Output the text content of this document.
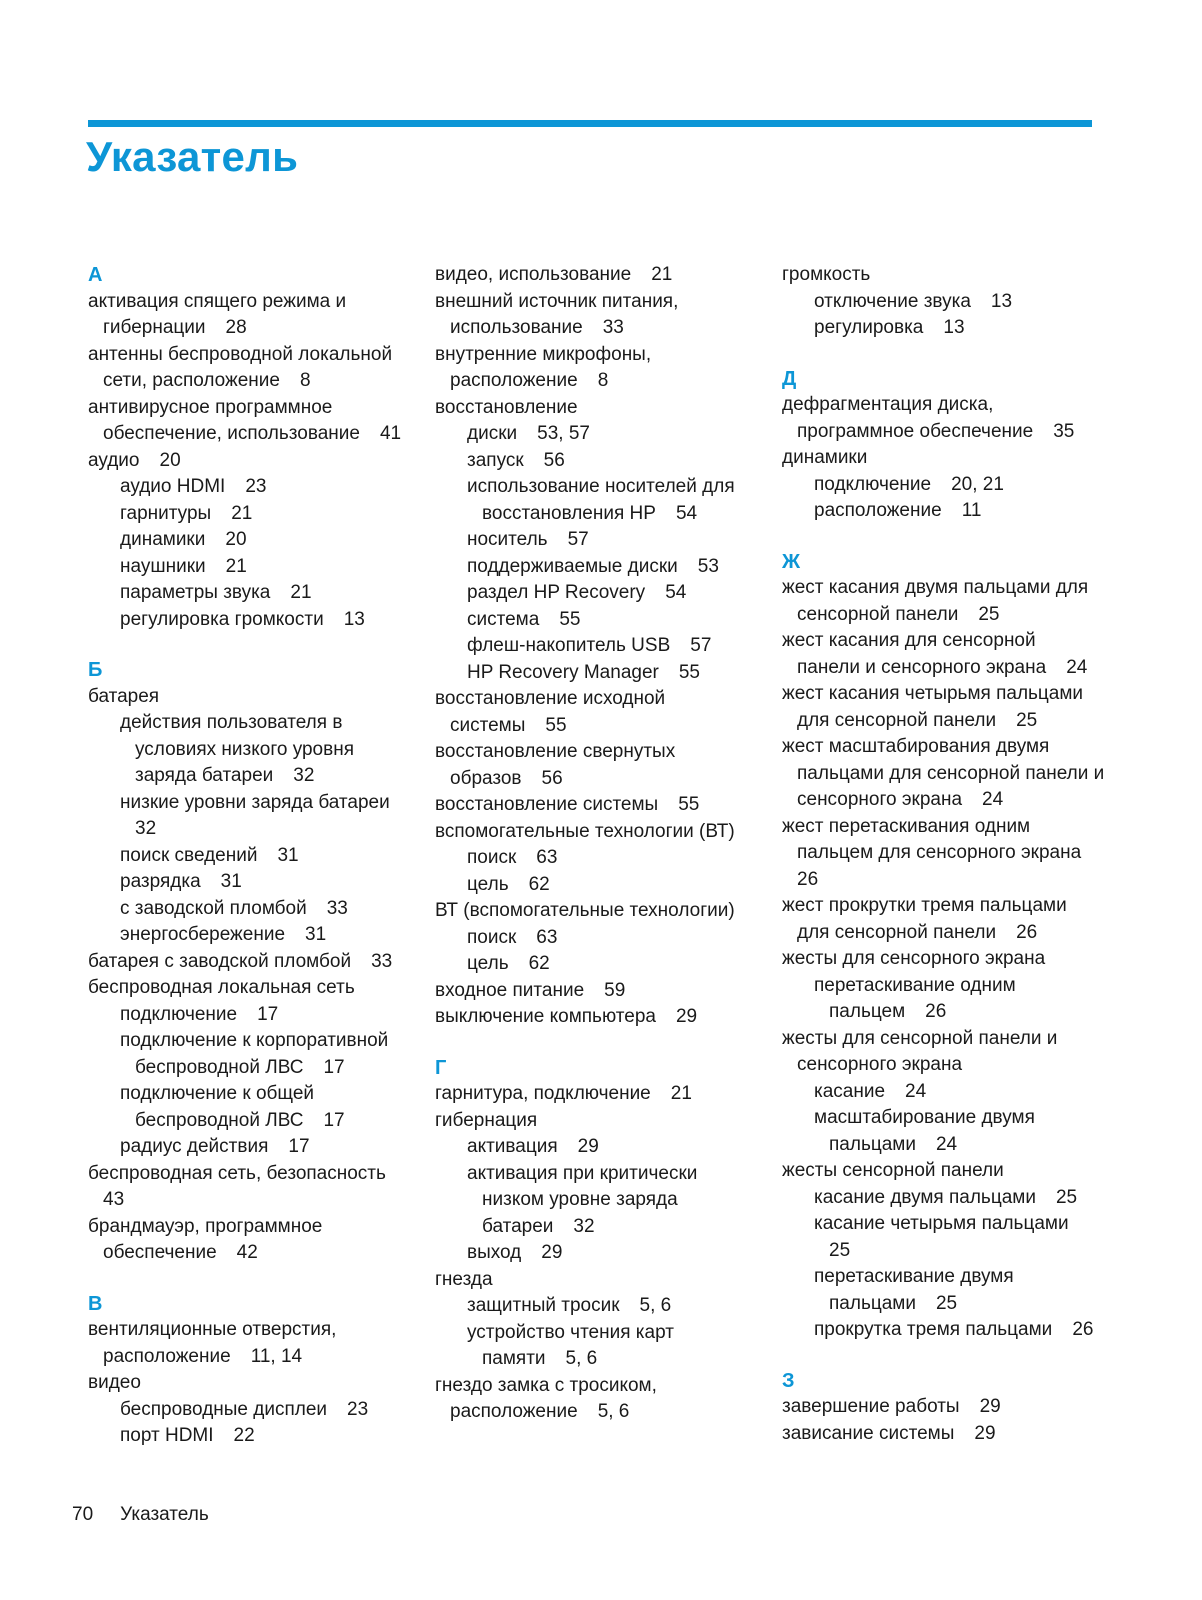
Указатель
А
активация спящего режима и
гибернации 28
антенны беспроводной локальной
сети, расположение 8
антивирусное программное
обеспечение, использование 41
аудио 20
аудио HDMI 23
гарнитуры 21
динамики 20
наушники 21
параметры звука 21
регулировка громкости 13
Б
батарея
действия пользователя в
условиях низкого уровня
заряда батареи 32
низкие уровни заряда батареи
32
поиск сведений 31
разрядка 31
с заводской пломбой 33
энергосбережение 31
батарея с заводской пломбой 33
беспроводная локальная сеть
подключение 17
подключение к корпоративной
беспроводной ЛВС 17
подключение к общей
беспроводной ЛВС 17
радиус действия 17
беспроводная сеть, безопасность
43
брандмауэр, программное
обеспечение 42
В
вентиляционные отверстия,
расположение 11, 14
видео
беспроводные дисплеи 23
порт HDMI 22
видео, использование 21
внешний источник питания,
использование 33
внутренние микрофоны,
расположение 8
восстановление
диски 53, 57
запуск 56
использование носителей для
восстановления HP 54
носитель 57
поддерживаемые диски 53
раздел HP Recovery 54
система 55
флеш-накопитель USB 57
HP Recovery Manager 55
восстановление исходной
системы 55
восстановление свернутых
образов 56
восстановление системы 55
вспомогательные технологии (ВТ)
поиск 63
цель 62
ВТ (вспомогательные технологии)
поиск 63
цель 62
входное питание 59
выключение компьютера 29
Г
гарнитура, подключение 21
гибернация
активация 29
активация при критически
низком уровне заряда
батареи 32
выход 29
гнезда
защитный тросик 5, 6
устройство чтения карт
памяти 5, 6
гнездо замка с тросиком,
расположение 5, 6
громкость
отключение звука 13
регулировка 13
Д
дефрагментация диска,
программное обеспечение 35
динамики
подключение 20, 21
расположение 11
Ж
жест касания двумя пальцами для
сенсорной панели 25
жест касания для сенсорной
панели и сенсорного экрана 24
жест касания четырьмя пальцами
для сенсорной панели 25
жест масштабирования двумя
пальцами для сенсорной панели и
сенсорного экрана 24
жест перетаскивания одним
пальцем для сенсорного экрана
26
жест прокрутки тремя пальцами
для сенсорной панели 26
жесты для сенсорного экрана
перетаскивание одним
пальцем 26
жесты для сенсорной панели и
сенсорного экрана
касание 24
масштабирование двумя
пальцами 24
жесты сенсорной панели
касание двумя пальцами 25
касание четырьмя пальцами
25
перетаскивание двумя
пальцами 25
прокрутка тремя пальцами 26
З
завершение работы 29
зависание системы 29
70 Указатель
